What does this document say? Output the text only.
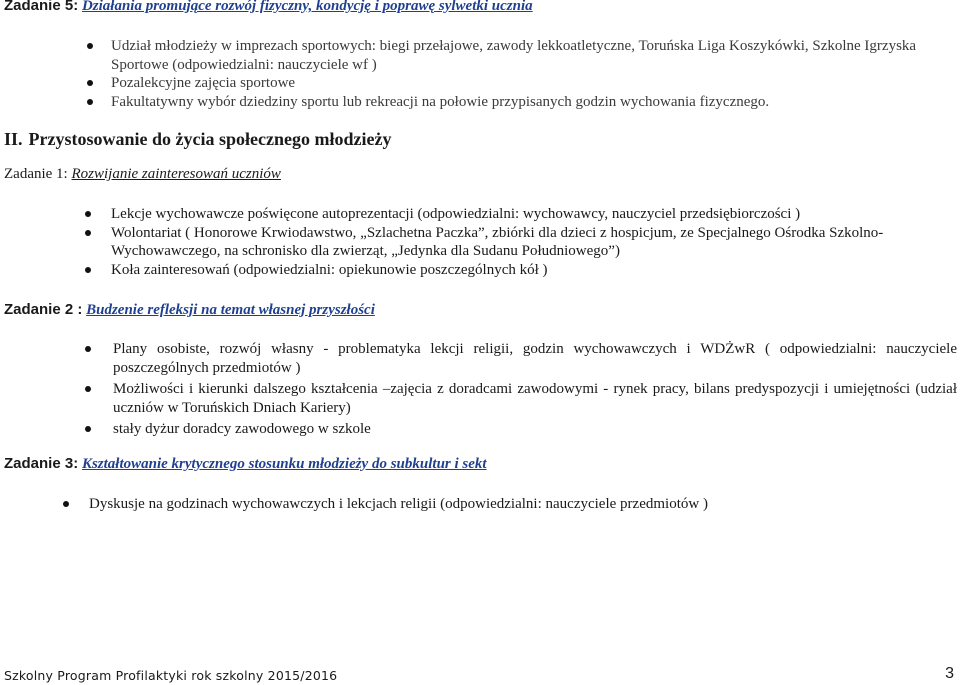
Zadanie 5: Działania promujące rozwój fizyczny, kondycję i poprawę sylwetki ucznia
Udział młodzieży w imprezach sportowych: biegi przełajowe, zawody lekkoatletyczne, Toruńska Liga Koszykówki, Szkolne Igrzyska Sportowe (odpowiedzialni: nauczyciele wf )
Pozalekcyjne zajęcia sportowe
Fakultatywny wybór dziedziny sportu lub rekreacji na połowie przypisanych godzin wychowania fizycznego.
II. Przystosowanie do życia społecznego młodzieży
Zadanie 1: Rozwijanie zainteresowań uczniów
Lekcje wychowawcze poświęcone autoprezentacji (odpowiedzialni: wychowawcy, nauczyciel przedsiębiorczości )
Wolontariat ( Honorowe Krwiodawstwo, „Szlachetna Paczka”, zbiórki dla dzieci z hospicjum, ze Specjalnego Ośrodka Szkolno-Wychowawczego, na schronisko dla zwierząt, „Jedynka dla Sudanu Południowego”)
Koła zainteresowań (odpowiedzialni: opiekunowie poszczególnych kół )
Zadanie 2 : Budzenie refleksji na temat własnej przyszłości
Plany osobiste, rozwój własny - problematyka lekcji religii, godzin wychowawczych i WDŻwR ( odpowiedzialni: nauczyciele poszczególnych przedmiotów )
Możliwości i kierunki dalszego kształcenia –zajęcia z doradcami zawodowymi - rynek pracy, bilans predyspozycji i umiejętności (udział uczniów w Toruńskich Dniach Kariery)
stały dyżur doradcy zawodowego w szkole
Zadanie 3: Kształtowanie krytycznego stosunku młodzieży do subkultur i sekt
Dyskusje na godzinach wychowawczych i lekcjach religii (odpowiedzialni: nauczyciele przedmiotów )
Szkolny Program Profilaktyki rok szkolny 2015/2016	3
